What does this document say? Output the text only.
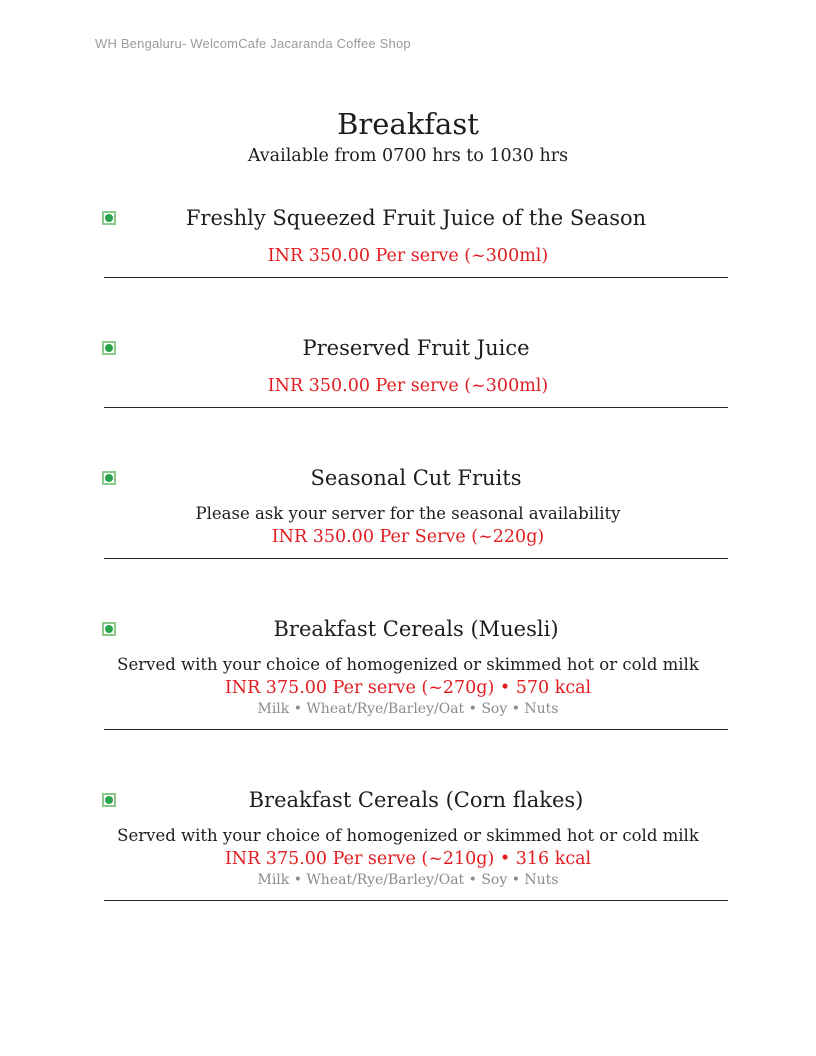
WH Bengaluru- WelcomCafe Jacaranda Coffee Shop
Breakfast
Available from 0700 hrs to 1030 hrs
Freshly Squeezed Fruit Juice of the Season

INR 350.00 Per serve (~300ml)

Preserved Fruit Juice

INR 350.00 Per serve (~300ml)

Seasonal Cut Fruits

Please ask your server for the seasonal availability

INR 350.00 Per Serve (~220g)

Breakfast Cereals (Muesli)

Served with your choice of homogenized or skimmed hot or cold milk

INR 375.00 Per serve (~270g) • 570 kcal

Milk • Wheat/Rye/Barley/Oat • Soy • Nuts

Breakfast Cereals (Corn flakes)

Served with your choice of homogenized or skimmed hot or cold milk

INR 375.00 Per serve (~210g) • 316 kcal

Milk • Wheat/Rye/Barley/Oat • Soy • Nuts
